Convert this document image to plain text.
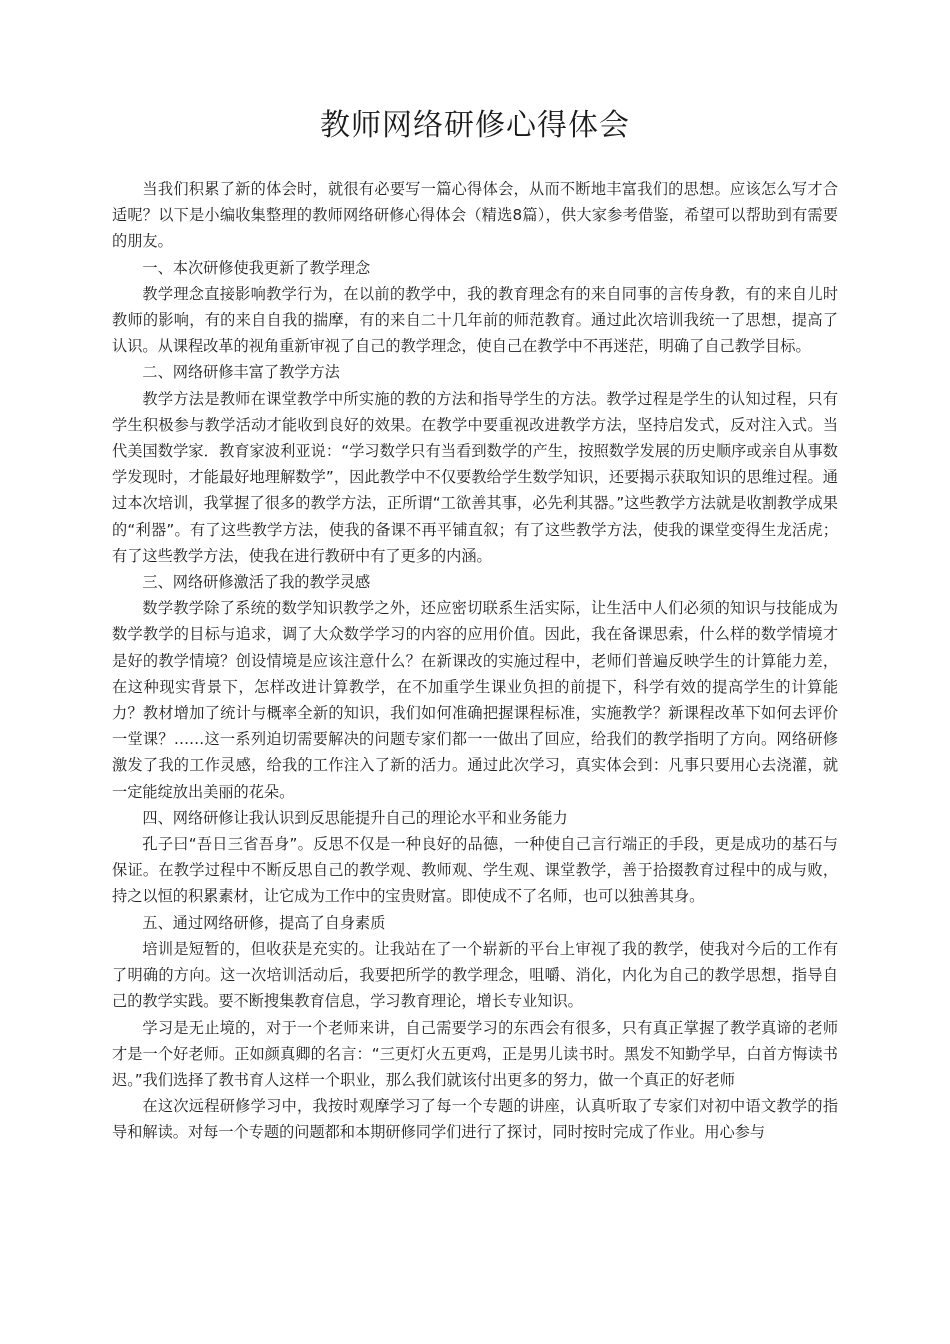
教师网络研修心得体会

当我们积累了新的体会时，就很有必要写一篇心得体会，从而不断地丰富我们的思想。应该怎么写才合适呢？以下是小编收集整理的教师网络研修心得体会（精选8篇），供大家参考借鉴，希望可以帮助到有需要的朋友。

一、本次研修使我更新了教学理念

教学理念直接影响教学行为，在以前的教学中，我的教育理念有的来自同事的言传身教，有的来自儿时教师的影响，有的来自自我的揣摩，有的来自二十几年前的师范教育。通过此次培训我统一了思想，提高了认识。从课程改革的视角重新审视了自己的教学理念，使自己在教学中不再迷茫，明确了自己教学目标。

二、网络研修丰富了教学方法

教学方法是教师在课堂教学中所实施的教的方法和指导学生的方法。教学过程是学生的认知过程，只有学生积极参与教学活动才能收到良好的效果。在教学中要重视改进教学方法，坚持启发式，反对注入式。当代美国数学家．教育家波利亚说：“学习数学只有当看到数学的产生，按照数学发展的历史顺序或亲自从事数学发现时，才能最好地理解数学”，因此教学中不仅要教给学生数学知识，还要揭示获取知识的思维过程。通过本次培训，我掌握了很多的教学方法，正所谓“工欲善其事，必先利其器。”这些教学方法就是收割教学成果的“利器”。有了这些教学方法，使我的备课不再平铺直叙；有了这些教学方法，使我的课堂变得生龙活虎；有了这些教学方法，使我在进行教研中有了更多的内涵。

三、网络研修激活了我的教学灵感

数学教学除了系统的数学知识教学之外，还应密切联系生活实际，让生活中人们必须的知识与技能成为数学教学的目标与追求，调了大众数学学习的内容的应用价值。因此，我在备课思索，什么样的数学情境才是好的教学情境？创设情境是应该注意什么？在新课改的实施过程中，老师们普遍反映学生的计算能力差，在这种现实背景下，怎样改进计算教学，在不加重学生课业负担的前提下，科学有效的提高学生的计算能力？教材增加了统计与概率全新的知识，我们如何准确把握课程标准，实施教学？新课程改革下如何去评价一堂课？……这一系列迫切需要解决的问题专家们都一一做出了回应，给我们的教学指明了方向。网络研修激发了我的工作灵感，给我的工作注入了新的活力。通过此次学习，真实体会到：凡事只要用心去浇灌，就一定能绽放出美丽的花朵。

四、网络研修让我认识到反思能提升自己的理论水平和业务能力

孔子曰“吾日三省吾身”。反思不仅是一种良好的品德，一种使自己言行端正的手段，更是成功的基石与保证。在教学过程中不断反思自己的教学观、教师观、学生观、课堂教学，善于拾掇教育过程中的成与败，持之以恒的积累素材，让它成为工作中的宝贵财富。即使成不了名师，也可以独善其身。

五、通过网络研修，提高了自身素质

培训是短暂的，但收获是充实的。让我站在了一个崭新的平台上审视了我的教学，使我对今后的工作有了明确的方向。这一次培训活动后，我要把所学的教学理念，咀嚼、消化，内化为自己的教学思想，指导自己的教学实践。要不断搜集教育信息，学习教育理论，增长专业知识。

学习是无止境的，对于一个老师来讲，自己需要学习的东西会有很多，只有真正掌握了教学真谛的老师才是一个好老师。正如颜真卿的名言：“三更灯火五更鸡，正是男儿读书时。黑发不知勤学早，白首方悔读书迟。”我们选择了教书育人这样一个职业，那么我们就该付出更多的努力，做一个真正的好老师

在这次远程研修学习中，我按时观摩学习了每一个专题的讲座，认真听取了专家们对初中语文教学的指导和解读。对每一个专题的问题都和本期研修同学们进行了探讨，同时按时完成了作业。用心参与
